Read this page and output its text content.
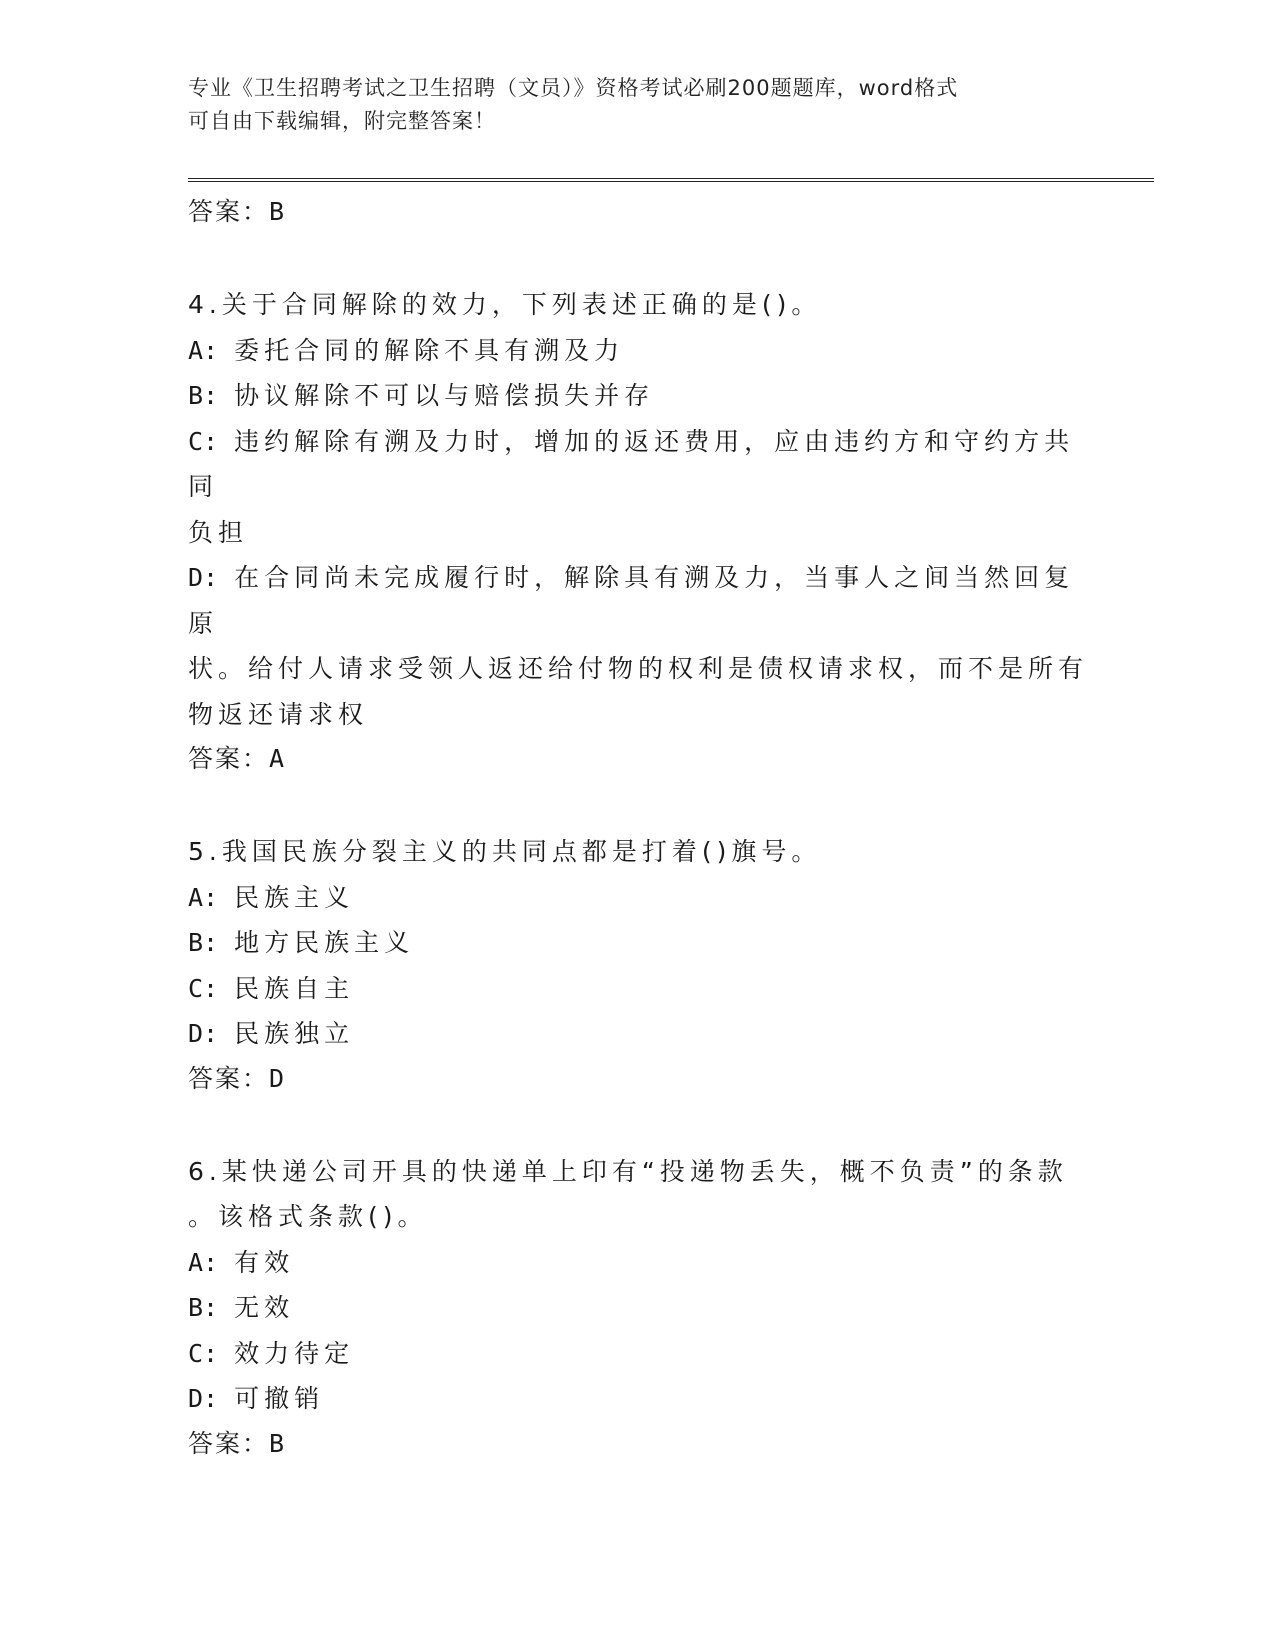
专业《卫生招聘考试之卫生招聘（文员）》资格考试必刷200题题库，word格式
可自由下载编辑，附完整答案！
答案：B
4.关于合同解除的效力，下列表述正确的是()。
A: 委托合同的解除不具有溯及力
B: 协议解除不可以与赔偿损失并存
C: 违约解除有溯及力时，增加的返还费用，应由违约方和守约方共同
负担
D: 在合同尚未完成履行时，解除具有溯及力，当事人之间当然回复原
状。给付人请求受领人返还给付物的权利是债权请求权，而不是所有
物返还请求权
答案：A
5.我国民族分裂主义的共同点都是打着()旗号。
A: 民族主义
B: 地方民族主义
C: 民族自主
D: 民族独立
答案：D
6.某快递公司开具的快递单上印有“投递物丢失，概不负责”的条款
。该格式条款()。
A: 有效
B: 无效
C: 效力待定
D: 可撤销
答案：B
